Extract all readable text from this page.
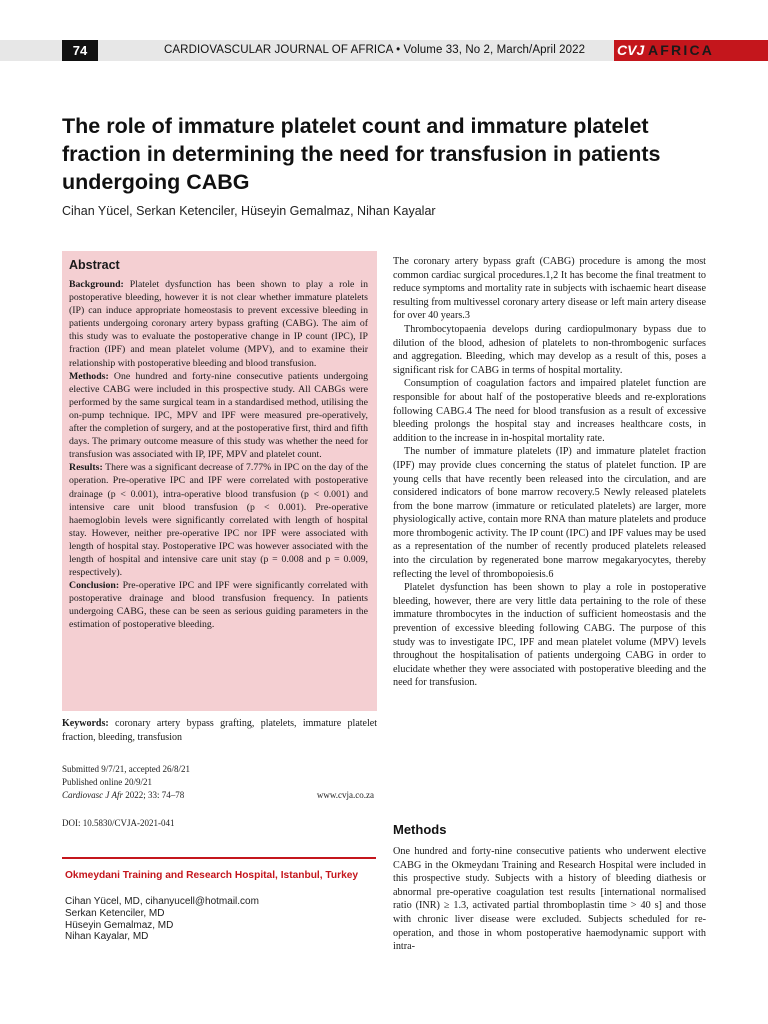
74	CARDIOVASCULAR JOURNAL OF AFRICA • Volume 33, No 2, March/April 2022 CVJ AFRICA
The role of immature platelet count and immature platelet fraction in determining the need for transfusion in patients undergoing CABG
Cihan Yücel, Serkan Ketenciler, Hüseyin Gemalmaz, Nihan Kayalar
Abstract

Background: Platelet dysfunction has been shown to play a role in postoperative bleeding, however it is not clear whether immature platelets (IP) can induce appropriate homeostasis to prevent excessive bleeding in patients undergoing coronary artery bypass grafting (CABG). The aim of this study was to evaluate the postoperative change in IP count (IPC), IP fraction (IPF) and mean platelet volume (MPV), and to examine their relationship with postoperative bleeding and blood transfusion.

Methods: One hundred and forty-nine consecutive patients undergoing elective CABG were included in this prospective study. All CABGs were performed by the same surgical team in a standardised method, utilising the on-pump technique. IPC, MPV and IPF were measured pre-operatively, after the completion of surgery, and at the postoperative first, third and fifth days. The primary outcome measure of this study was whether the need for transfusion was associated with IP, IPF, MPV and platelet count.

Results: There was a significant decrease of 7.77% in IPC on the day of the operation. Pre-operative IPC and IPF were correlated with postoperative drainage (p < 0.001), intra-operative blood transfusion (p < 0.001) and intensive care unit blood transfusion (p < 0.001). Pre-operative haemoglobin levels were significantly correlated with length of hospital stay. However, neither pre-operative IPC nor IPF were associated with length of hospital stay. Postoperative IPC was however associated with the length of hospital and intensive care unit stay (p = 0.008 and p = 0.009, respectively).

Conclusion: Pre-operative IPC and IPF were significantly correlated with postoperative drainage and blood transfusion frequency. In patients undergoing CABG, these can be seen as serious guiding parameters in the estimation of postoperative bleeding.

Keywords: coronary artery bypass grafting, platelets, immature platelet fraction, bleeding, transfusion
Submitted 9/7/21, accepted 26/8/21
Published online 20/9/21
Cardiovasc J Afr 2022; 33: 74–78	www.cvja.co.za
DOI: 10.5830/CVJA-2021-041
Okmeydani Training and Research Hospital, Istanbul, Turkey
Cihan Yücel, MD, cihanyucell@hotmail.com
Serkan Ketenciler, MD
Hüseyin Gemalmaz, MD
Nihan Kayalar, MD

The coronary artery bypass graft (CABG) procedure is among the most common cardiac surgical procedures.1,2 It has become the final treatment to reduce symptoms and mortality rate in subjects with ischaemic heart disease resulting from multivessel coronary artery disease or left main artery disease for over 40 years.3

Thrombocytopaenia develops during cardiopulmonary bypass due to dilution of the blood, adhesion of platelets to non-thrombogenic surfaces and aggregation. Bleeding, which may develop as a result of this, poses a significant risk for CABG in terms of hospital mortality.

Consumption of coagulation factors and impaired platelet function are responsible for about half of the postoperative bleeds and re-explorations following CABG.4 The need for blood transfusion as a result of excessive bleeding prolongs the hospital stay and increases healthcare costs, in addition to the increase in in-hospital mortality rate.

The number of immature platelets (IP) and immature platelet fraction (IPF) may provide clues concerning the status of platelet function. IP are young cells that have recently been released into the circulation, and are considered indicators of bone marrow recovery.5 Newly released platelets from the bone marrow (immature or reticulated platelets) are larger, more physiologically active, contain more RNA than mature platelets and produce more thrombogenic activity. The IP count (IPC) and IPF values may be used as a representation of the number of recently produced platelets released into the circulation by regenerated bone marrow megakaryocytes, thereby reflecting the level of thrombopoiesis.6

Platelet dysfunction has been shown to play a role in postoperative bleeding, however, there are very little data pertaining to the role of these immature thrombocytes in the induction of sufficient homeostasis and the prevention of excessive bleeding following CABG. The purpose of this study was to investigate IPC, IPF and mean platelet volume (MPV) levels throughout the hospitalisation of patients undergoing CABG in order to elucidate whether they were associated with postoperative bleeding and the need for transfusion.

Methods

One hundred and forty-nine consecutive patients who underwent elective CABG in the Okmeydanı Training and Research Hospital were included in this prospective study. Subjects with a history of bleeding diathesis or abnormal pre-operative coagulation test results [international normalised ratio (INR) ≥ 1.3, activated partial thromboplastin time > 40 s] and those with chronic liver disease were excluded. Subjects scheduled for re-operation, and those in whom postoperative haemodynamic support with intra-
